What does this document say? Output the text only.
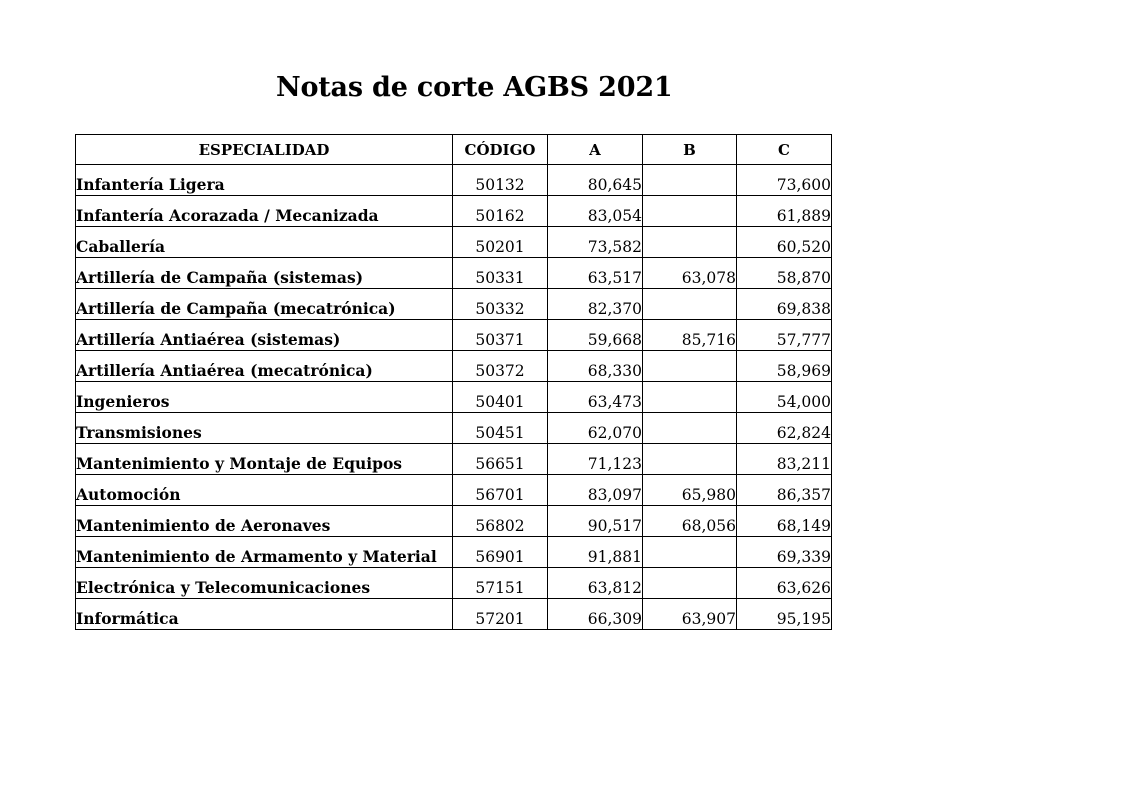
Notas de corte AGBS 2021
ESPECIALIDAD	CÓDIGO	A	B	C
Infantería Ligera	50132	80,645		73,600
Infantería Acorazada / Mecanizada	50162	83,054		61,889
Caballería	50201	73,582		60,520
Artillería de Campaña (sistemas)	50331	63,517	63,078	58,870
Artillería de Campaña (mecatrónica)	50332	82,370		69,838
Artillería Antiaérea (sistemas)	50371	59,668	85,716	57,777
Artillería Antiaérea (mecatrónica)	50372	68,330		58,969
Ingenieros	50401	63,473		54,000
Transmisiones	50451	62,070		62,824
Mantenimiento y Montaje de Equipos	56651	71,123		83,211
Automoción	56701	83,097	65,980	86,357
Mantenimiento de Aeronaves	56802	90,517	68,056	68,149
Mantenimiento de Armamento y Material	56901	91,881		69,339
Electrónica y Telecomunicaciones	57151	63,812		63,626
Informática	57201	66,309	63,907	95,195
